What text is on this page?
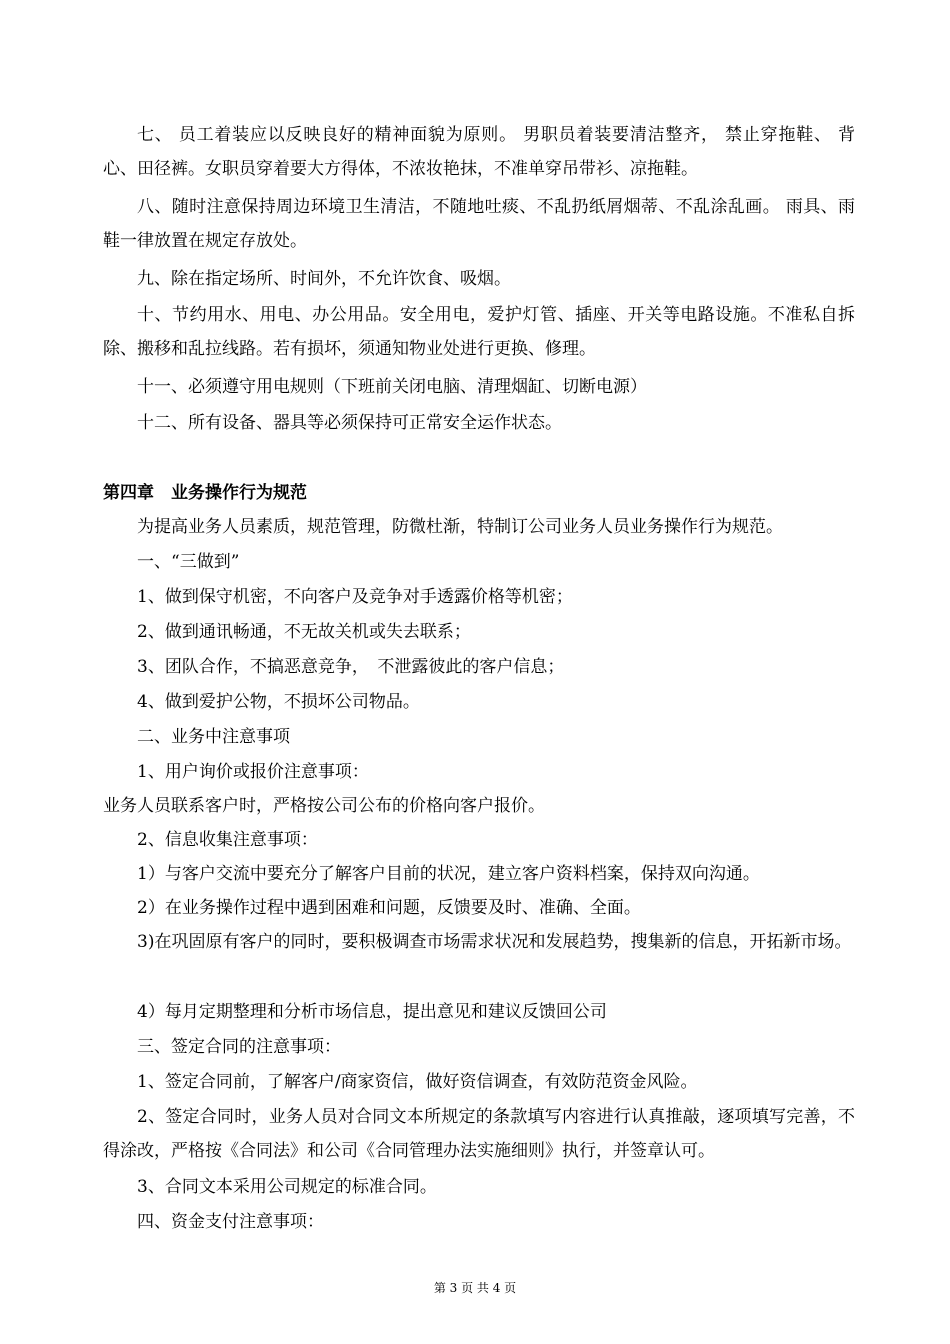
七、 员工着装应以反映良好的精神面貌为原则。 男职员着装要清洁整齐， 禁止穿拖鞋、 背心、田径裤。女职员穿着要大方得体，不浓妆艳抹，不准单穿吊带衫、凉拖鞋。

八、随时注意保持周边环境卫生清洁，不随地吐痰、不乱扔纸屑烟蒂、不乱涂乱画。 雨具、雨鞋一律放置在规定存放处。

九、除在指定场所、时间外，不允许饮食、吸烟。

十、节约用水、用电、办公用品。安全用电，爱护灯管、插座、开关等电路设施。不准私自拆 除、搬移和乱拉线路。若有损坏，须通知物业处进行更换、修理。

十一、必须遵守用电规则（下班前关闭电脑、清理烟缸、切断电源）

十二、所有设备、器具等必须保持可正常安全运作状态。

第四章　业务操作行为规范

为提高业务人员素质，规范管理，防微杜渐，特制订公司业务人员业务操作行为规范。

一、“三做到”

1、做到保守机密，不向客户及竞争对手透露价格等机密；

2、做到通讯畅通，不无故关机或失去联系；

3、团队合作，不搞恶意竞争，　不泄露彼此的客户信息；

4、做到爱护公物，不损坏公司物品。

二、业务中注意事项

1、用户询价或报价注意事项：

业务人员联系客户时，严格按公司公布的价格向客户报价。

2、信息收集注意事项：

1）与客户交流中要充分了解客户目前的状况，建立客户资料档案，保持双向沟通。

2）在业务操作过程中遇到困难和问题，反馈要及时、准确、全面。

3)在巩固原有客户的同时，要积极调查市场需求状况和发展趋势，搜集新的信息，开拓新市场。

4）每月定期整理和分析市场信息，提出意见和建议反馈回公司

三、签定合同的注意事项：

1、签定合同前，了解客户/商家资信，做好资信调查，有效防范资金风险。

2、签定合同时，业务人员对合同文本所规定的条款填写内容进行认真推敲，逐项填写完善，不得涂改，严格按《合同法》和公司《合同管理办法实施细则》执行，并签章认可。

3、合同文本采用公司规定的标准合同。

四、资金支付注意事项：

第 3 页 共 4 页
